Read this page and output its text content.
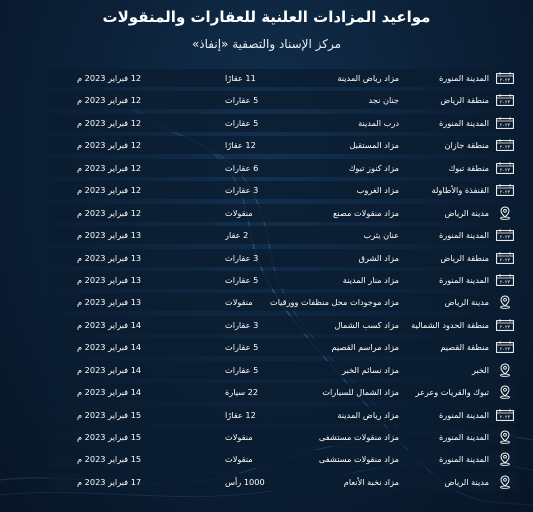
مواعيد المزادات العلنية للعقارات والمنقولات
مركز الإسناد والتصفية «إنفاذ»
۲۰۲۳
المدينة المنورة
مزاد رياض المدينة
11 عقارًا
12 فبراير 2023 م
۲۰۲۳
منطقة الرياض
جنان نجد
5 عقارات
12 فبراير 2023 م
۲۰۲۳
المدينة المنورة
درب المدينة
5 عقارات
12 فبراير 2023 م
۲۰۲۳
منطقة جازان
مزاد المستقبل
12 عقارًا
12 فبراير 2023 م
۲۰۲۳
منطقة تبوك
مزاد كنوز تبوك
6 عقارات
12 فبراير 2023 م
۲۰۲۳
القنفذة والأطاولة
مزاد الغروب
3 عقارات
12 فبراير 2023 م
مدينة الرياض
مزاد منقولات مصنع
منقولات
12 فبراير 2023 م
۲۰۲۳
المدينة المنورة
عنان يثرب
2 عقار
13 فبراير 2023 م
۲۰۲۳
منطقة الرياض
مزاد الشرق
3 عقارات
13 فبراير 2023 م
۲۰۲۳
المدينة المنورة
مزاد منار المدينة
5 عقارات
13 فبراير 2023 م
مدينة الرياض
مزاد موجودات محل منظفات وورقيات
منقولات
13 فبراير 2023 م
۲۰۲۳
منطقة الحدود الشمالية
مزاد كسب الشمال
3 عقارات
14 فبراير 2023 م
۲۰۲۳
منطقة القصيم
مزاد مراسم القصيم
5 عقارات
14 فبراير 2023 م
الخبر
مزاد نسائم الخبر
5 عقارات
14 فبراير 2023 م
تبوك والقريات وعرعر
مزاد الشمال للسيارات
22 سيارة
14 فبراير 2023 م
۲۰۲۳
المدينة المنورة
مزاد رياض المدينة
12 عقارًا
15 فبراير 2023 م
المدينة المنورة
مزاد منقولات مستشفى
منقولات
15 فبراير 2023 م
المدينة المنورة
مزاد منقولات مستشفى
منقولات
15 فبراير 2023 م
مدينة الرياض
مزاد نخبة الأنعام
1000 رأس
17 فبراير 2023 م
